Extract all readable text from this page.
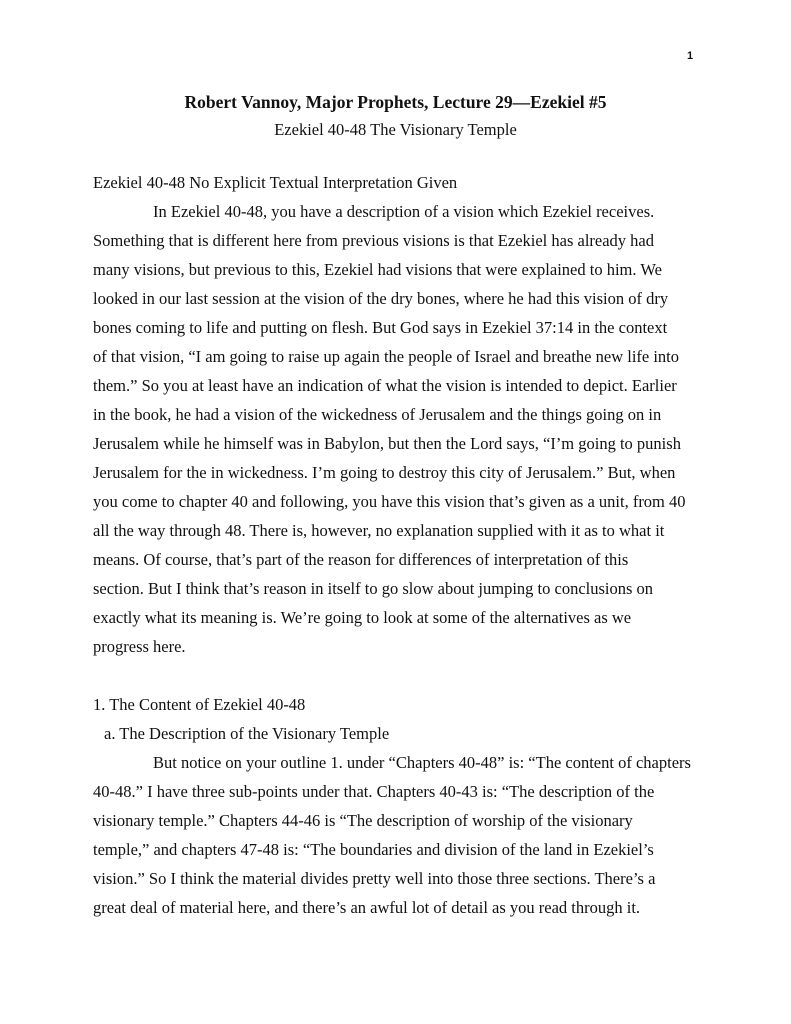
1
Robert Vannoy, Major Prophets, Lecture 29—Ezekiel #5
Ezekiel 40-48 The Visionary Temple
Ezekiel 40-48 No Explicit Textual Interpretation Given
In Ezekiel 40-48, you have a description of a vision which Ezekiel receives.
Something that is different here from previous visions is that Ezekiel has already had
many visions, but previous to this, Ezekiel had visions that were explained to him. We
looked in our last session at the vision of the dry bones, where he had this vision of dry
bones coming to life and putting on flesh. But God says in Ezekiel 37:14 in the context
of that vision, “I am going to raise up again the people of Israel and breathe new life into
them.” So you at least have an indication of what the vision is intended to depict. Earlier
in the book, he had a vision of the wickedness of Jerusalem and the things going on in
Jerusalem while he himself was in Babylon, but then the Lord says, “I’m going to punish
Jerusalem for the in wickedness. I’m going to destroy this city of Jerusalem.” But, when
you come to chapter 40 and following, you have this vision that’s given as a unit, from 40
all the way through 48. There is, however, no explanation supplied with it as to what it
means. Of course, that’s part of the reason for differences of interpretation of this
section. But I think that’s reason in itself to go slow about jumping to conclusions on
exactly what its meaning is. We’re going to look at some of the alternatives as we
progress here.
1. The Content of Ezekiel 40-48
a. The Description of the Visionary Temple
But notice on your outline 1. under “Chapters 40-48” is: “The content of chapters
40-48.” I have three sub-points under that. Chapters 40-43 is: “The description of the
visionary temple.” Chapters 44-46 is “The description of worship of the visionary
temple,” and chapters 47-48 is: “The boundaries and division of the land in Ezekiel’s
vision.” So I think the material divides pretty well into those three sections. There’s a
great deal of material here, and there’s an awful lot of detail as you read through it.
